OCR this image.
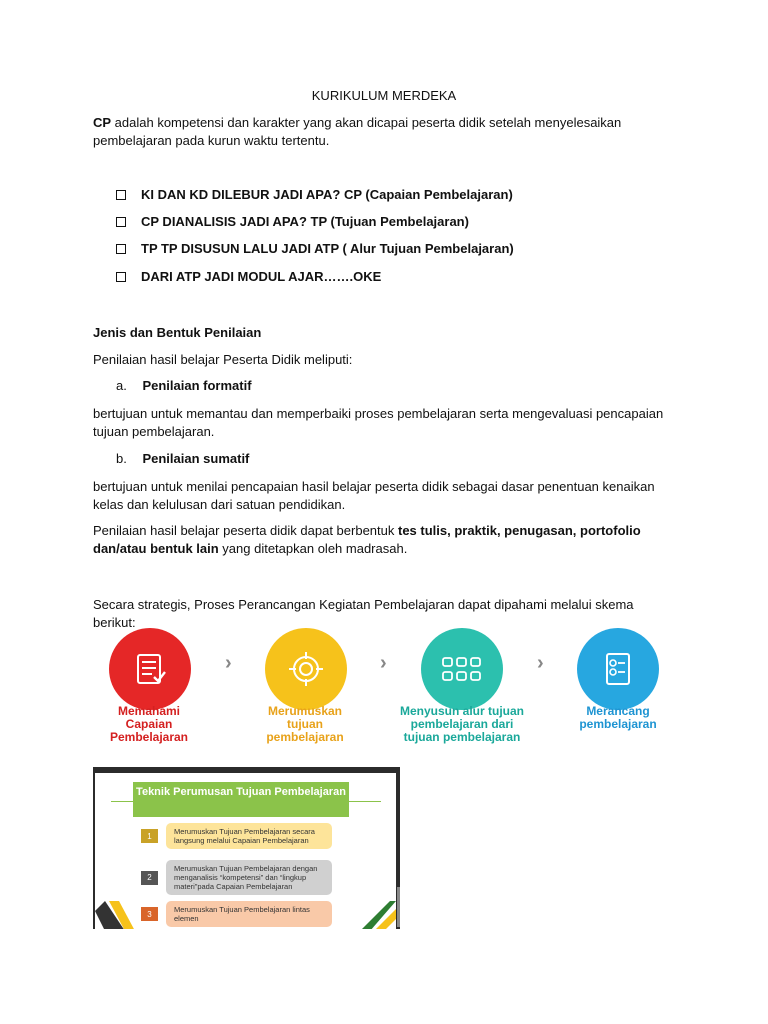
KURIKULUM MERDEKA
CP adalah kompetensi dan karakter yang akan dicapai peserta didik setelah menyelesaikan pembelajaran pada kurun waktu tertentu.
KI DAN KD DILEBUR JADI APA? CP (Capaian Pembelajaran)
CP DIANALISIS JADI APA? TP (Tujuan Pembelajaran)
TP TP DISUSUN LALU JADI ATP ( Alur Tujuan Pembelajaran)
DARI ATP JADI MODUL AJAR…….OKE
Jenis dan Bentuk Penilaian
Penilaian hasil belajar Peserta Didik meliputi:
a. Penilaian formatif
bertujuan untuk memantau dan memperbaiki proses pembelajaran serta mengevaluasi pencapaian tujuan pembelajaran.
b. Penilaian sumatif
bertujuan untuk menilai pencapaian hasil belajar peserta didik sebagai dasar penentuan kenaikan kelas dan kelulusan dari satuan pendidikan.
Penilaian hasil belajar peserta didik dapat berbentuk tes tulis, praktik, penugasan, portofolio dan/atau bentuk lain yang ditetapkan oleh madrasah.
Secara strategis, Proses Perancangan Kegiatan Pembelajaran dapat dipahami melalui skema berikut:
›	›	›
Memahami Capaian Pembelajaran
Merumuskan tujuan pembelajaran
Menyusun alur tujuan pembelajaran dari tujuan pembelajaran
Merancang pembelajaran
Teknik Perumusan Tujuan Pembelajaran
1	Merumuskan Tujuan Pembelajaran secara langsung melalui Capaian Pembelajaran
2
Merumuskan Tujuan Pembelajaran dengan menganalisis “kompetensi” dan “lingkup materi”pada Capaian Pembelajaran
3	Merumuskan Tujuan Pembelajaran lintas elemen
